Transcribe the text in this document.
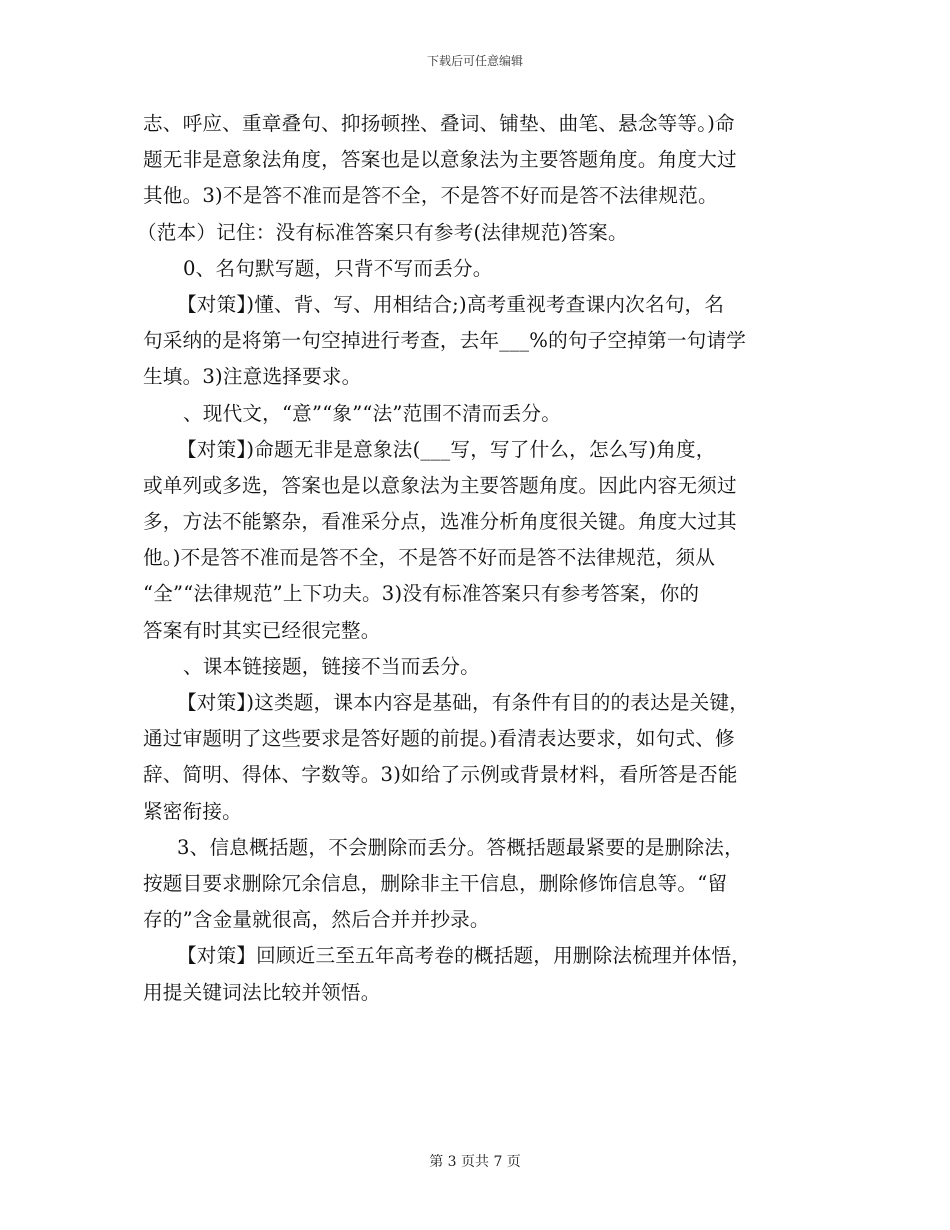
下载后可任意编辑
志、呼应、重章叠句、抑扬顿挫、叠词、铺垫、曲笔、悬念等等。)命
题无非是意象法角度，答案也是以意象法为主要答题角度。角度大过
其他。3)不是答不准而是答不全，不是答不好而是答不法律规范。
（范本）记住：没有标准答案只有参考(法律规范)答案。
0、名句默写题，只背不写而丢分。
【对策】)懂、背、写、用相结合;)高考重视考查课内次名句，名
句采纳的是将第一句空掉进行考查，去年___%的句子空掉第一句请学
生填。3)注意选择要求。
、现代文，“意”“象”“法”范围不清而丢分。
【对策】)命题无非是意象法(___写，写了什么，怎么写)角度，
或单列或多选，答案也是以意象法为主要答题角度。因此内容无须过
多，方法不能繁杂，看准采分点，选准分析角度很关键。角度大过其
他。)不是答不准而是答不全，不是答不好而是答不法律规范，须从
“全”“法律规范”上下功夫。3)没有标准答案只有参考答案，你的
答案有时其实已经很完整。
、课本链接题，链接不当而丢分。
【对策】)这类题，课本内容是基础，有条件有目的的表达是关键，
通过审题明了这些要求是答好题的前提。)看清表达要求，如句式、修
辞、简明、得体、字数等。3)如给了示例或背景材料，看所答是否能
紧密衔接。
3、信息概括题，不会删除而丢分。答概括题最紧要的是删除法，
按题目要求删除冗余信息，删除非主干信息，删除修饰信息等。“留
存的”含金量就很高，然后合并并抄录。
【对策】回顾近三至五年高考卷的概括题，用删除法梳理并体悟，
用提关键词法比较并领悟。
第 3 页共 7 页
